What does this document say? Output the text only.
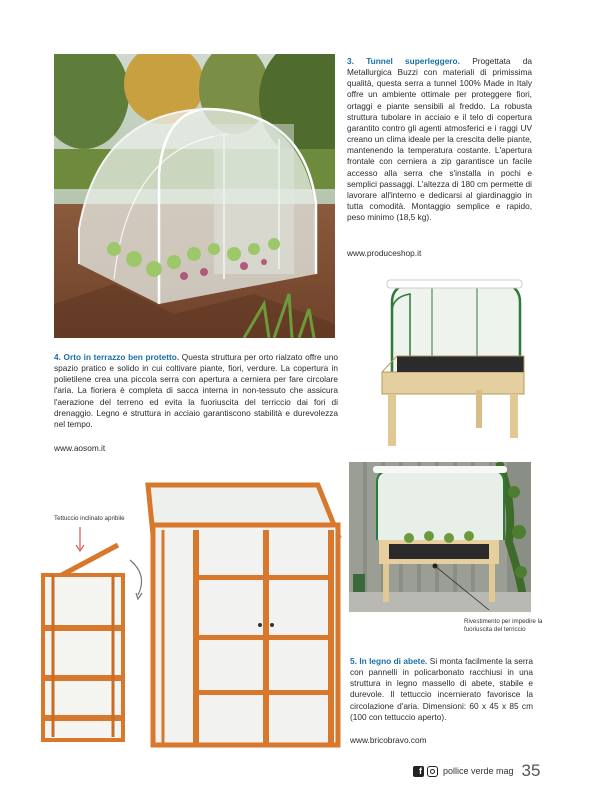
3. Tunnel superleggero. Progettata da Metallurgica Buzzi con materiali di primissima qualità, questa serra a tunnel 100% Made in Italy offre un ambiente ottimale per proteggere fiori, ortaggi e piante sensibili al freddo. La robusta struttura tubolare in acciaio e il telo di copertura garantito contro gli agenti atmosferici e i raggi UV creano un clima ideale per la crescita delle piante, mantenendo la temperatura costante. L'apertura frontale con cerniera a zip garantisce un facile accesso alla serra che s'installa in pochi e semplici passaggi. L'altezza di 180 cm permette di lavorare all'interno e dedicarsi al giardinaggio in tutta comodità. Montaggio semplice e rapido, peso minimo (18,5 kg).
www.produceshop.it
4. Orto in terrazzo ben protetto. Questa struttura per orto rialzato offre uno spazio pratico e solido in cui coltivare piante, fiori, verdure. La copertura in polietilene crea una piccola serra con apertura a cerniera per fare circolare l'aria. La fioriera è completa di sacca interna in non-tessuto che assicura l'aerazione del terreno ed evita la fuoriuscita del terriccio dai fori di drenaggio. Legno e struttura in acciaio garantiscono stabilità e durevolezza nel tempo.
www.aosom.it
Rivestimento per impedire la fuoriuscita del terriccio
Tettuccio inclinato apribile
5. In legno di abete. Si monta facilmente la serra con pannelli in policarbonato racchiusi in una struttura in legno massello di abete, stabile e durevole. Il tettuccio incernierato favorisce la circolazione d'aria. Dimensioni: 60 x 45 x 85 cm (100 con tettuccio aperto).
www.bricobravo.com
f pollice verde mag 35
